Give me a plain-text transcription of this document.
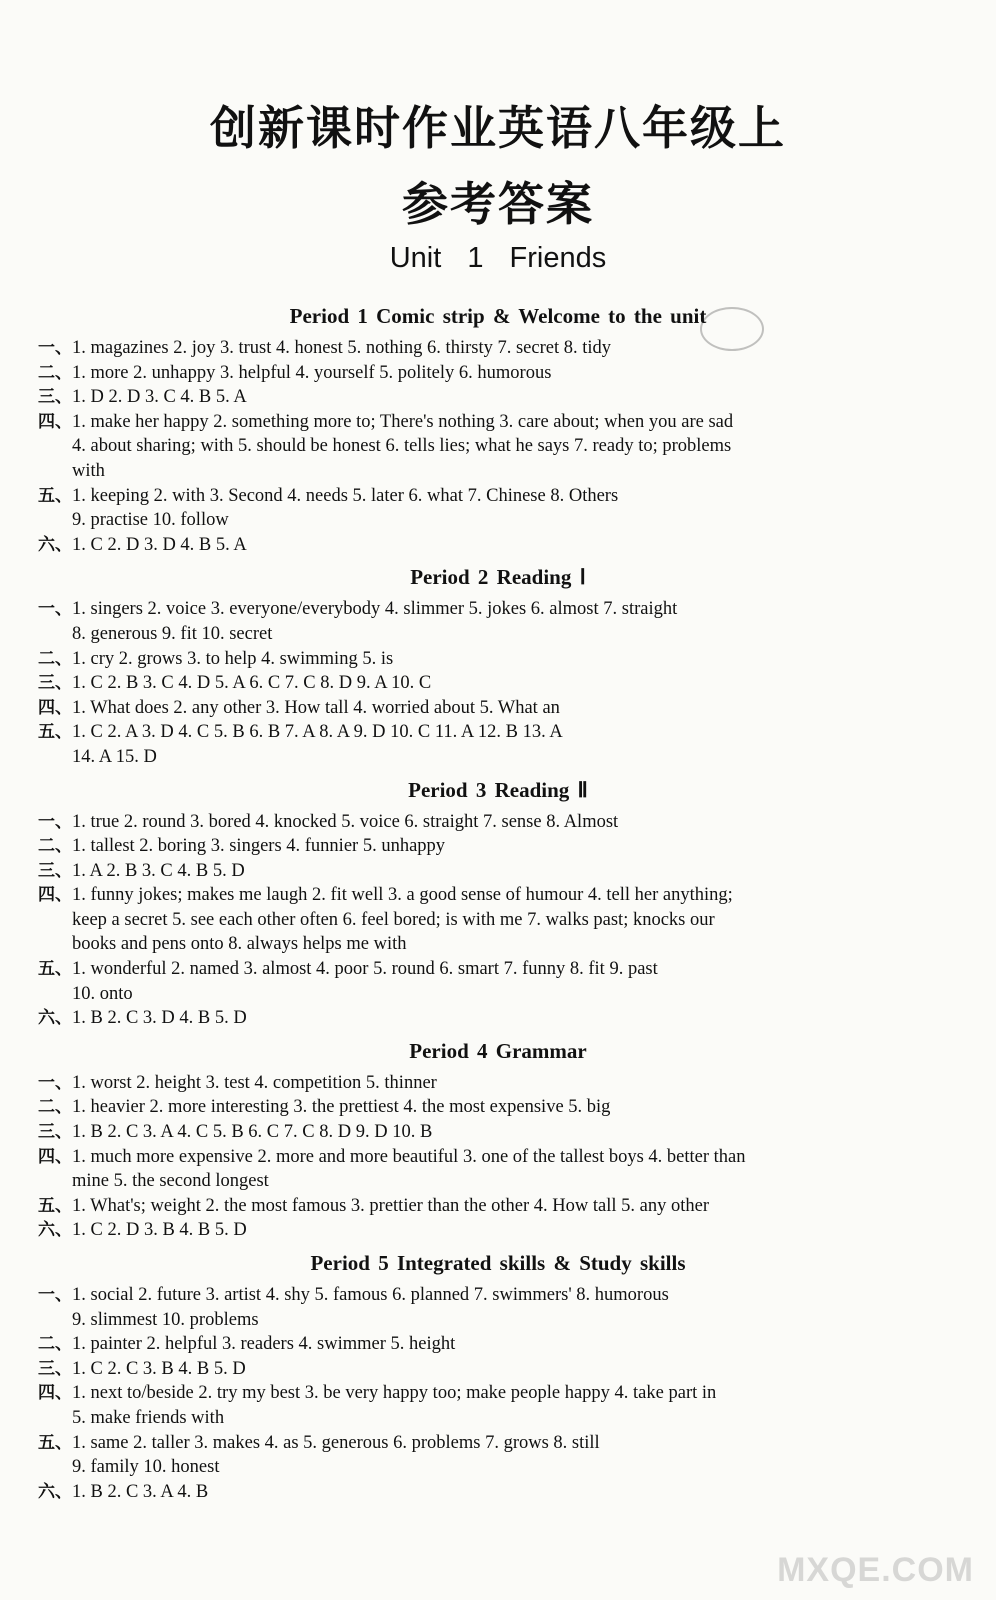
创新课时作业英语八年级上
参考答案
Unit 1 Friends
Period 1 Comic strip & Welcome to the unit
一、1. magazines 2. joy 3. trust 4. honest 5. nothing 6. thirsty 7. secret 8. tidy
二、1. more 2. unhappy 3. helpful 4. yourself 5. politely 6. humorous
三、1. D 2. D 3. C 4. B 5. A
四、1. make her happy 2. something more to; There's nothing 3. care about; when you are sad
4. about sharing; with 5. should be honest 6. tells lies; what he says 7. ready to; problems
with
五、1. keeping 2. with 3. Second 4. needs 5. later 6. what 7. Chinese 8. Others
9. practise 10. follow
六、1. C 2. D 3. D 4. B 5. A
Period 2 Reading Ⅰ
一、1. singers 2. voice 3. everyone/everybody 4. slimmer 5. jokes 6. almost 7. straight
8. generous 9. fit 10. secret
二、1. cry 2. grows 3. to help 4. swimming 5. is
三、1. C 2. B 3. C 4. D 5. A 6. C 7. C 8. D 9. A 10. C
四、1. What does 2. any other 3. How tall 4. worried about 5. What an
五、1. C 2. A 3. D 4. C 5. B 6. B 7. A 8. A 9. D 10. C 11. A 12. B 13. A
14. A 15. D
Period 3 Reading Ⅱ
一、1. true 2. round 3. bored 4. knocked 5. voice 6. straight 7. sense 8. Almost
二、1. tallest 2. boring 3. singers 4. funnier 5. unhappy
三、1. A 2. B 3. C 4. B 5. D
四、1. funny jokes; makes me laugh 2. fit well 3. a good sense of humour 4. tell her anything;
keep a secret 5. see each other often 6. feel bored; is with me 7. walks past; knocks our
books and pens onto 8. always helps me with
五、1. wonderful 2. named 3. almost 4. poor 5. round 6. smart 7. funny 8. fit 9. past
10. onto
六、1. B 2. C 3. D 4. B 5. D
Period 4 Grammar
一、1. worst 2. height 3. test 4. competition 5. thinner
二、1. heavier 2. more interesting 3. the prettiest 4. the most expensive 5. big
三、1. B 2. C 3. A 4. C 5. B 6. C 7. C 8. D 9. D 10. B
四、1. much more expensive 2. more and more beautiful 3. one of the tallest boys 4. better than
mine 5. the second longest
五、1. What's; weight 2. the most famous 3. prettier than the other 4. How tall 5. any other
六、1. C 2. D 3. B 4. B 5. D
Period 5 Integrated skills & Study skills
一、1. social 2. future 3. artist 4. shy 5. famous 6. planned 7. swimmers' 8. humorous
9. slimmest 10. problems
二、1. painter 2. helpful 3. readers 4. swimmer 5. height
三、1. C 2. C 3. B 4. B 5. D
四、1. next to/beside 2. try my best 3. be very happy too; make people happy 4. take part in
5. make friends with
五、1. same 2. taller 3. makes 4. as 5. generous 6. problems 7. grows 8. still
9. family 10. honest
六、1. B 2. C 3. A 4. B
MXQE.COM
